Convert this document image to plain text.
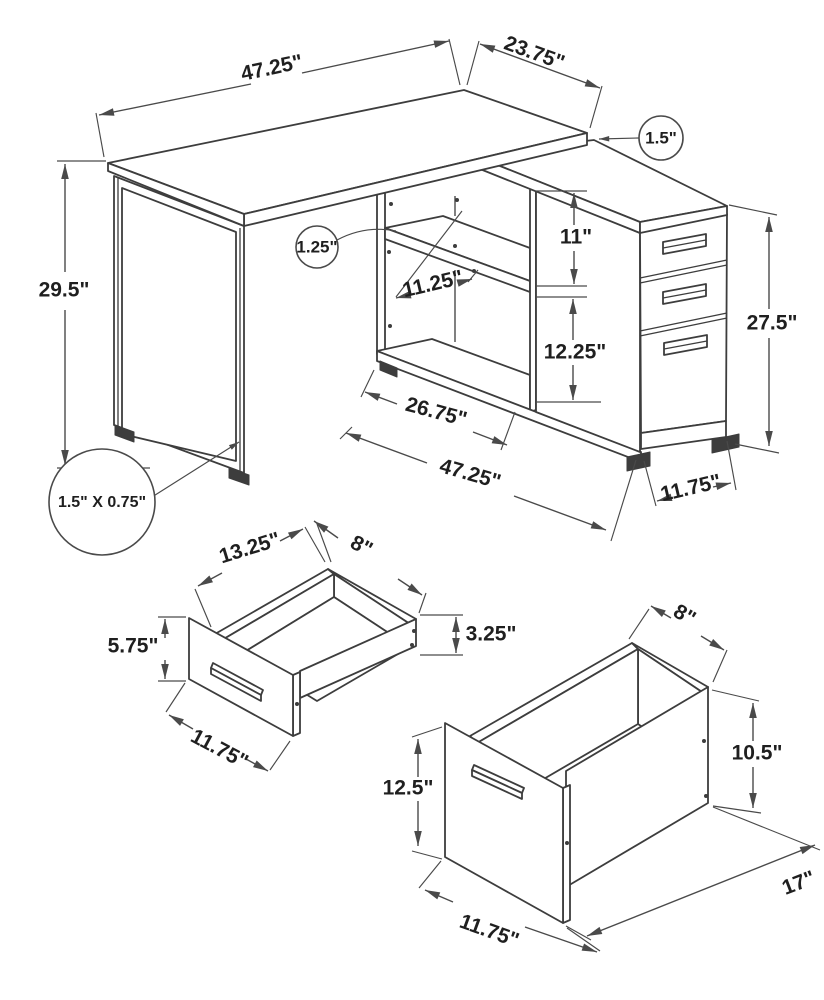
47.25"	23.75"
1.5"
29.5"
1.25"
11.25"
11"
12.25"
26.75"
47.25"	11.75"
27.5"
1.5" X 0.75"
13.25"	8"
5.75"
3.25"
11.75"
8"
10.5"
12.5"
11.75"
17"
